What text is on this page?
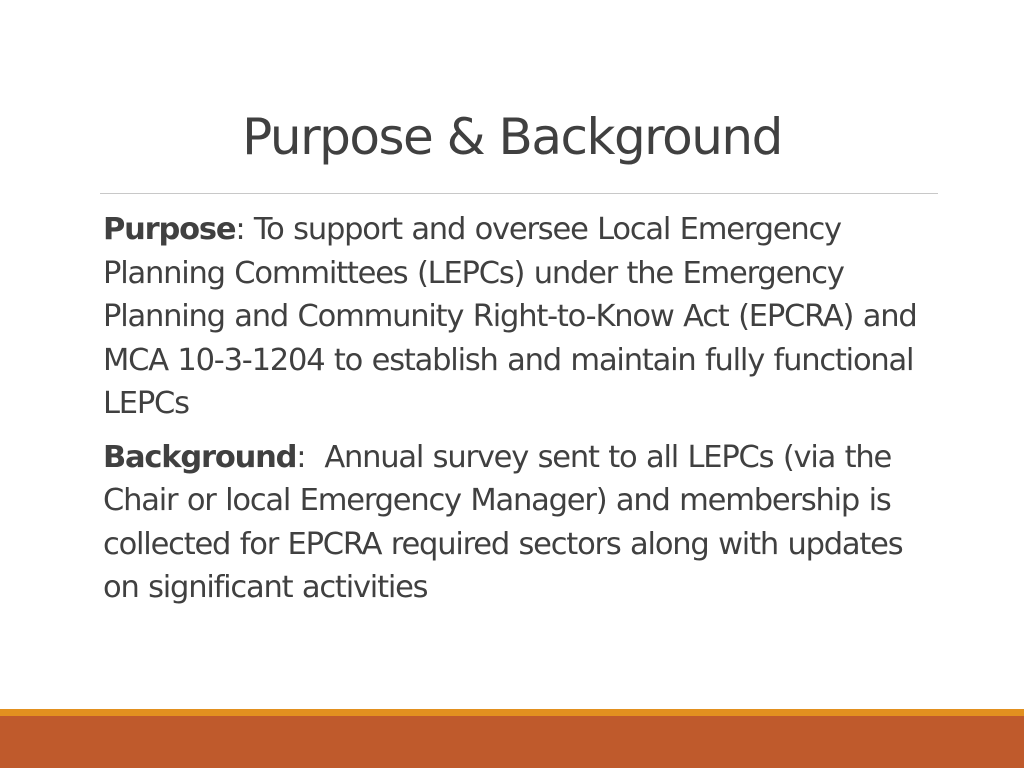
Purpose & Background

Purpose: To support and oversee Local Emergency Planning Committees (LEPCs) under the Emergency Planning and Community Right-to-Know Act (EPCRA) and MCA 10-3-1204 to establish and maintain fully functional LEPCs

Background:  Annual survey sent to all LEPCs (via the Chair or local Emergency Manager) and membership is collected for EPCRA required sectors along with updates on significant activities
